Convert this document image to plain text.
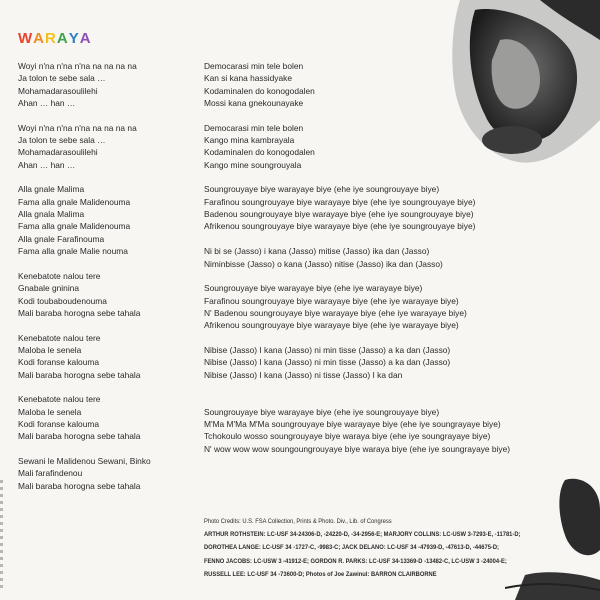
WARAYA
Woyi n'na n'na n'na na na na na
Ja tolon te sebe sala …
Mohamadarasoulilehi
Ahan … han …
Woyi n'na n'na n'na na na na na
Ja tolon te sebe sala …
Mohamadarasoulilehi
Ahan … han …
Alla gnale Malima
Fama alla gnale Malidenouma
Alla gnala Malima
Fama alla gnale Malidenouma
Alla gnale Farafinouma
Fama alla gnale Malie nouma
Kenebatote nalou tere
Gnabale gninina
Kodi toubaboudenouma
Mali baraba horogna sebe tahala
Kenebatote nalou tere
Maloba le senela
Kodi foranse kalouma
Mali baraba horogna sebe tahala
Kenebatote nalou tere
Maloba le senela
Kodi foranse kalouma
Mali baraba horogna sebe tahala
Sewani le Malidenou Sewani, Binko
Mali farafindenou
Mali baraba horogna sebe tahala
Democarasi min tele bolen
Kan si kana hassidyake
Kodaminalen do konogodalen
Mossi kana gnekounayake
Democarasi min tele bolen
Kango mina kambrayala
Kodaminalen do konogodalen
Kango mine soungrouyala
Soungrouyaye biye warayaye biye (ehe iye soungrouyaye biye)
Farafinou soungrouyaye biye warayaye biye (ehe iye soungrouyaye biye)
Badenou soungrouyaye biye warayaye biye (ehe iye soungrouyaye biye)
Afrikenou soungrouyaye biye warayaye biye (ehe iye soungrouyaye biye)
Ni bi se (Jasso) i kana (Jasso) mitise (Jasso) ika dan (Jasso)
Niminbisse (Jasso) o kana (Jasso) nitise (Jasso) ika dan (Jasso)
Soungrouyaye biye warayaye biye (ehe iye warayaye biye)
Farafinou soungrouyaye biye warayaye biye (ehe iye warayaye biye)
N' Badenou soungrouyaye biye warayaye biye (ehe iye warayaye biye)
Afrikenou soungrouyaye biye warayaye biye (ehe iye warayaye biye)
Nibise (Jasso) I kana (Jasso) ni min tisse (Jasso) a ka dan (Jasso)
Nibise (Jasso) I kana (Jasso) ni min tisse (Jasso) a ka dan (Jasso)
Nibise (Jasso) I kana (Jasso) ni tisse (Jasso) I ka dan
Soungrouyaye biye warayaye biye (ehe iye soungrouyaye biye)
M'Ma M'Ma M'Ma soungrouyaye biye warayaye biye (ehe iye soungrayaye biye)
Tchokoulo wosso soungrouyaye biye waraya biye (ehe iye soungrayaye biye)
N' wow wow wow soungoungrouyaye biye waraya biye (ehe iye soungrayaye biye)
Photo Credits: U.S. FSA Collection, Prints & Photo. Div., Lib. of Congress
ARTHUR ROTHSTEIN: LC-USF 34-24306-D, -24220-D, -34-2956-E; MARJORY COLLINS: LC-USW 3-7293-E, -11781-D;
DOROTHEA LANGE: LC-USF 34 -1727-C, -9983-C; JACK DELANO: LC-USF 34 -47939-D, -47613-D, -44675-D;
FENNO JACOBS: LC-USW 3 -41912-E; GORDON R. PARKS: LC-USF 34-13369-D -13482-C, LC-USW 3 -24004-E;
RUSSELL LEE: LC-USF 34 -73600-D; Photos of Joe Zawinul: BARRON CLAIRBORNE
